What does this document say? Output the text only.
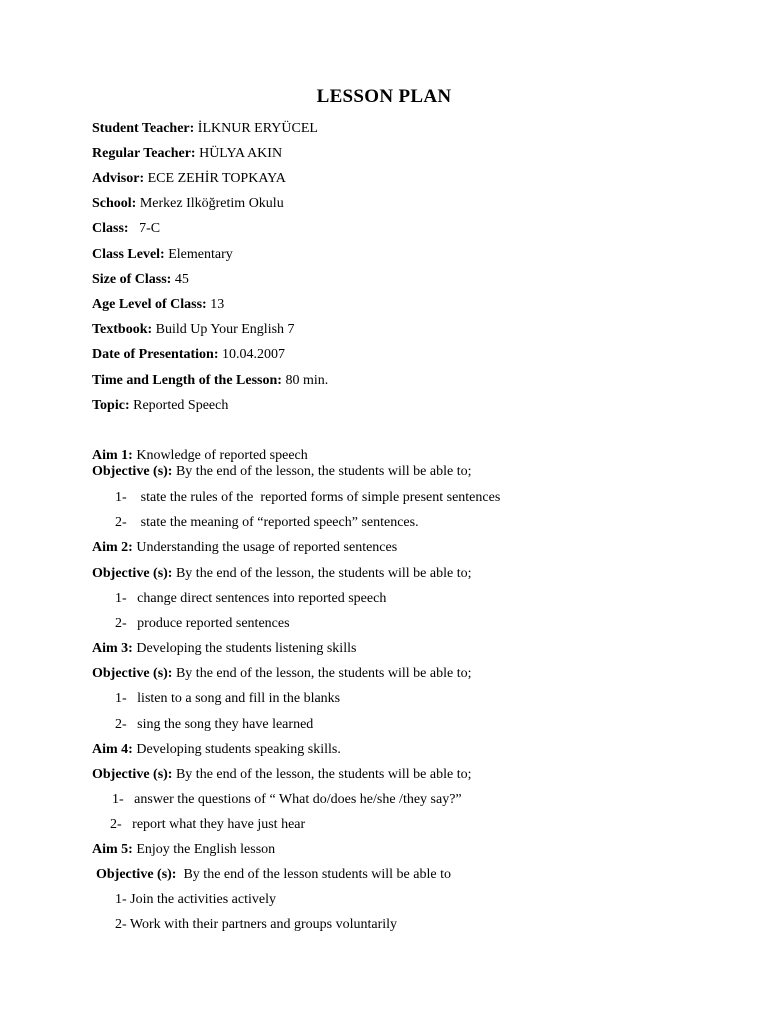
LESSON PLAN
Student Teacher: İLKNUR ERYÜCEL
Regular Teacher: HÜLYA AKIN
Advisor: ECE ZEHİR TOPKAYA
School: Merkez Ilköğretim Okulu
Class:   7-C
Class Level: Elementary
Size of Class: 45
Age Level of Class: 13
Textbook: Build Up Your English 7
Date of Presentation: 10.04.2007
Time and Length of the Lesson: 80 min.
Topic: Reported Speech
Aim 1: Knowledge of reported speech
Objective (s): By the end of the lesson, the students will be able to;
1-    state the rules of the  reported forms of simple present sentences
2-    state the meaning of “reported speech” sentences.
Aim 2: Understanding the usage of reported sentences
Objective (s): By the end of the lesson, the students will be able to;
1-   change direct sentences into reported speech
2-   produce reported sentences
Aim 3: Developing the students listening skills
Objective (s): By the end of the lesson, the students will be able to;
1-   listen to a song and fill in the blanks
2-   sing the song they have learned
Aim 4: Developing students speaking skills.
Objective (s): By the end of the lesson, the students will be able to;
1-   answer the questions of “ What do/does he/she /they say?”
2-   report what they have just hear
Aim 5: Enjoy the English lesson
Objective (s):  By the end of the lesson students will be able to
1- Join the activities actively
2- Work with their partners and groups voluntarily
